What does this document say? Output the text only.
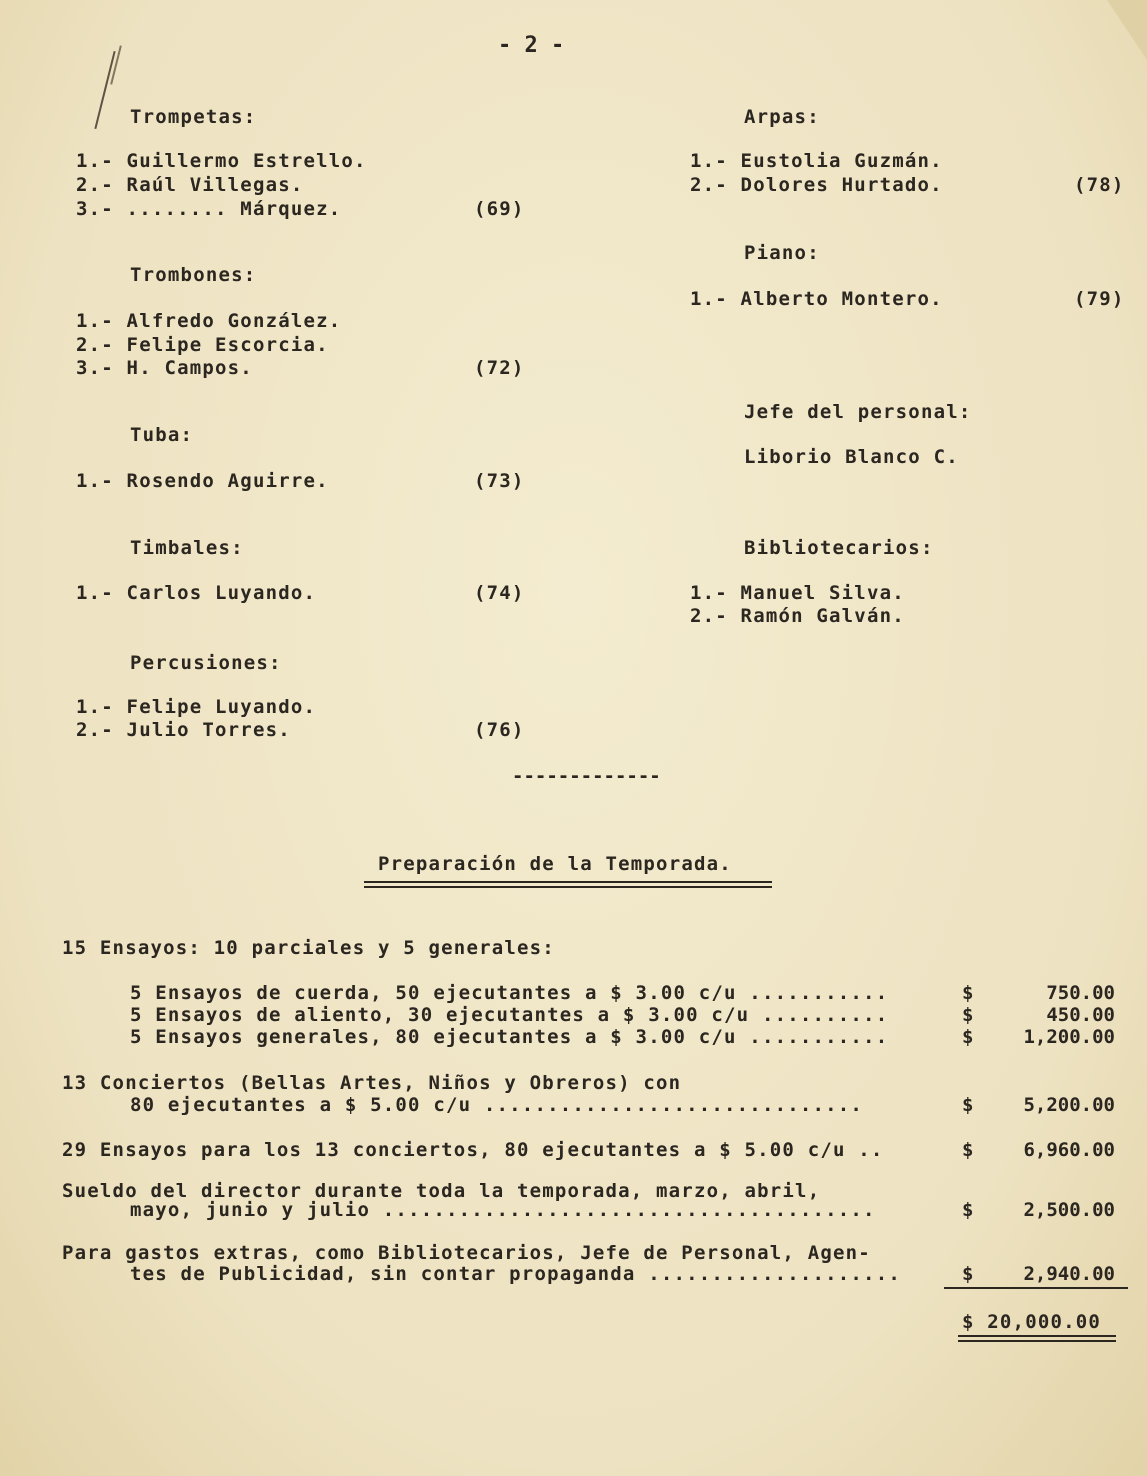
- 2 -
Trompetas:
1.- Guillermo Estrello.
2.- Raúl Villegas.
3.- ........ Márquez.	(69)
Trombones:
1.- Alfredo González.
2.- Felipe Escorcia.
3.- H. Campos.	(72)
Tuba:
1.- Rosendo Aguirre.	(73)
Timbales:
1.- Carlos Luyando.	(74)
Percusiones:
1.- Felipe Luyando.
2.- Julio Torres.	(76)
Arpas:
1.- Eustolia Guzmán.
2.- Dolores Hurtado.	(78)
Piano:
1.- Alberto Montero.	(79)
Jefe del personal:
Liborio Blanco C.
Bibliotecarios:
1.- Manuel Silva.
2.- Ramón Galván.
-------------
Preparación de la Temporada.
15 Ensayos: 10 parciales y 5 generales:
5 Ensayos de cuerda, 50 ejecutantes a $ 3.00 c/u ...........	$	750.00
5 Ensayos de aliento, 30 ejecutantes a $ 3.00 c/u ..........	$	450.00
5 Ensayos generales, 80 ejecutantes a $ 3.00 c/u ...........	$	1,200.00
13 Conciertos (Bellas Artes, Niños y Obreros) con
80 ejecutantes a $ 5.00 c/u ..............................	$	5,200.00
29 Ensayos para los 13 conciertos, 80 ejecutantes a $ 5.00 c/u ..	$	6,960.00
Sueldo del director durante toda la temporada, marzo, abril,
mayo, junio y julio .......................................	$	2,500.00
Para gastos extras, como Bibliotecarios, Jefe de Personal, Agen-
tes de Publicidad, sin contar propaganda ....................	$	2,940.00
$ 20,000.00
